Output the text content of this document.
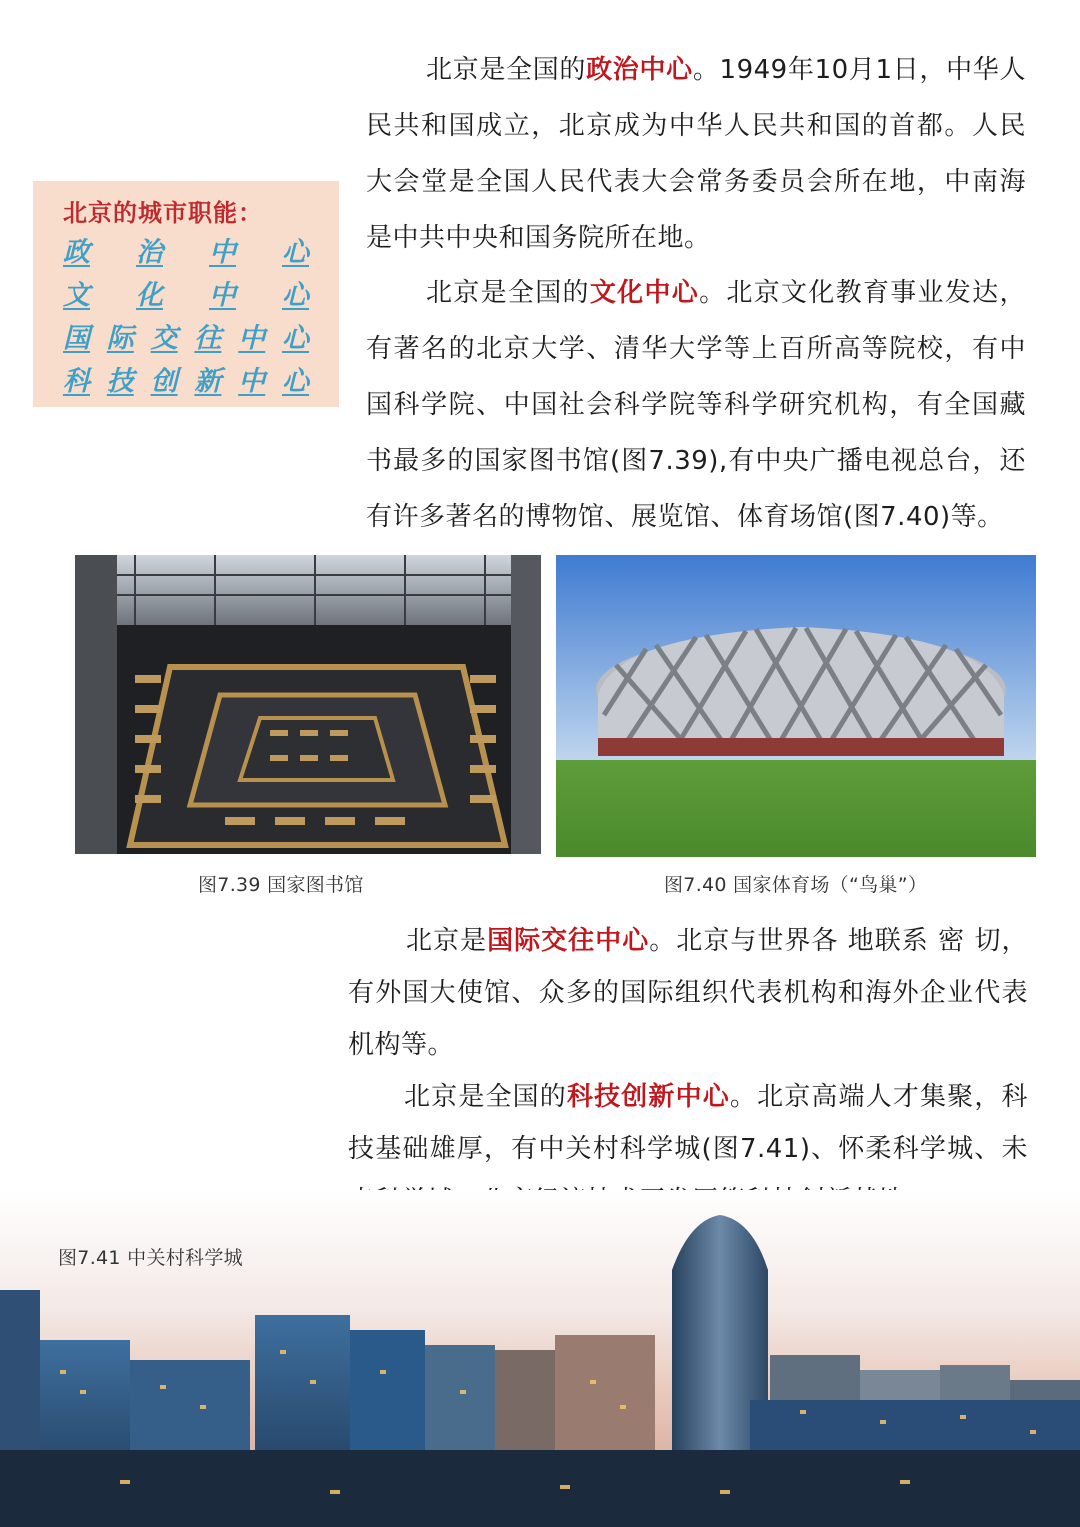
北京的城市职能：
政 治 中 心
文 化 中 心
国 际 交 往 中 心
科 技 创 新 中 心

北京是全国的政治中心。1949年10月1日，中华人民共和国成立，北京成为中华人民共和国的首都。人民大会堂是全国人民代表大会常务委员会所在地，中南海是中共中央和国务院所在地。

北京是全国的文化中心。北京文化教育事业发达，有著名的北京大学、清华大学等上百所高等院校，有中国科学院、中国社会科学院等科学研究机构，有全国藏书最多的国家图书馆(图7.39),有中央广播电视总台，还有许多著名的博物馆、展览馆、体育场馆(图7.40)等。

图7.39 国家图书馆	图7.40 国家体育场（“鸟巢”）

北京是国际交往中心。北京与世界各 地联系 密 切，有外国大使馆、众多的国际组织代表机构和海外企业代表机构等。

北京是全国的科技创新中心。北京高端人才集聚，科技基础雄厚，有中关村科学城(图7.41)、怀柔科学城、未

图7.41 中关村科学城
